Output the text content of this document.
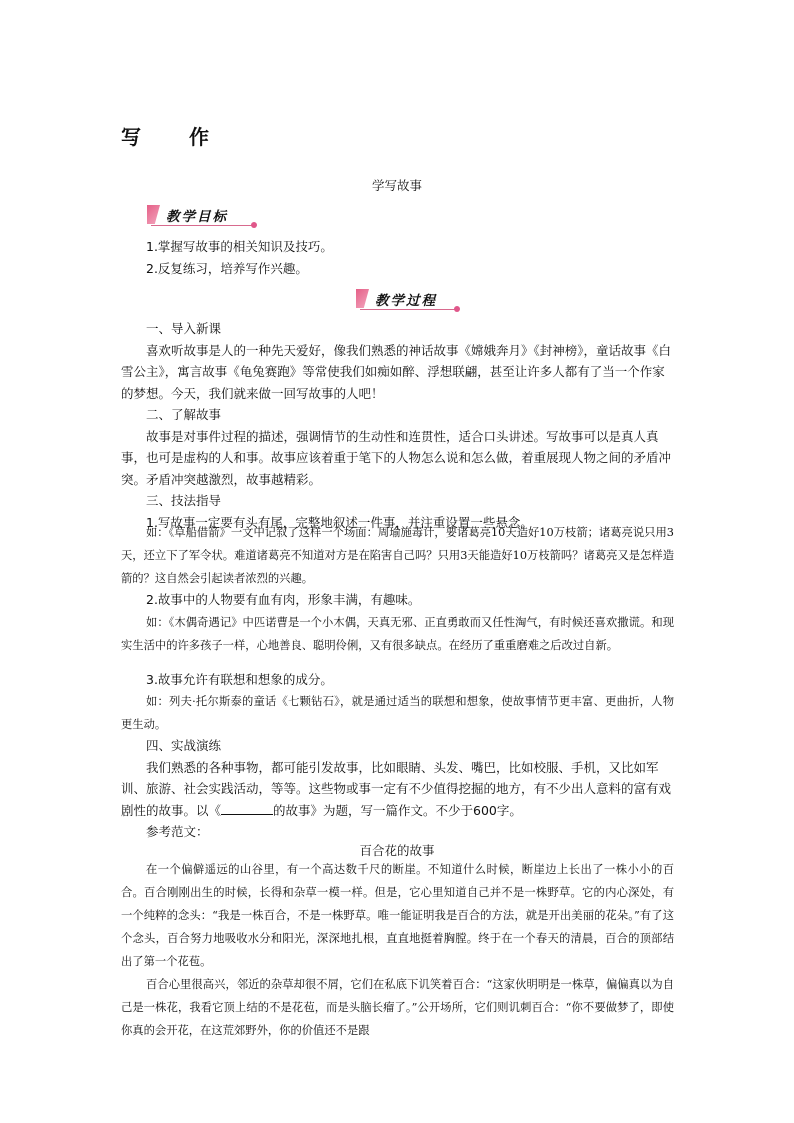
写　作
学写故事
教学目标
1.掌握写故事的相关知识及技巧。
2.反复练习，培养写作兴趣。
教学过程
一、导入新课
喜欢听故事是人的一种先天爱好，像我们熟悉的神话故事《嫦娥奔月》《封神榜》，童话故事《白雪公主》，寓言故事《龟兔赛跑》等常使我们如痴如醉、浮想联翩，甚至让许多人都有了当一个作家的梦想。今天，我们就来做一回写故事的人吧！
二、了解故事
故事是对事件过程的描述，强调情节的生动性和连贯性，适合口头讲述。写故事可以是真人真事，也可是虚构的人和事。故事应该着重于笔下的人物怎么说和怎么做，着重展现人物之间的矛盾冲突。矛盾冲突越激烈，故事越精彩。
三、技法指导
1.写故事一定要有头有尾，完整地叙述一件事，并注重设置一些悬念。
如：《草船借箭》一文中记叙了这样一个场面：周瑜施毒计，要诸葛亮10天造好10万枝箭；诸葛亮说只用3天，还立下了军令状。难道诸葛亮不知道对方是在陷害自己吗？只用3天能造好10万枝箭吗？诸葛亮又是怎样造箭的？这自然会引起读者浓烈的兴趣。
2.故事中的人物要有血有肉，形象丰满，有趣味。
如：《木偶奇遇记》中匹诺曹是一个小木偶，天真无邪、正直勇敢而又任性淘气，有时候还喜欢撒谎。和现实生活中的许多孩子一样，心地善良、聪明伶俐，又有很多缺点。在经历了重重磨难之后改过自新。
3.故事允许有联想和想象的成分。
如：列夫·托尔斯泰的童话《七颗钻石》，就是通过适当的联想和想象，使故事情节更丰富、更曲折，人物更生动。
四、实战演练
我们熟悉的各种事物，都可能引发故事，比如眼睛、头发、嘴巴，比如校服、手机，又比如军训、旅游、社会实践活动，等等。这些物或事一定有不少值得挖掘的地方，有不少出人意料的富有戏剧性的故事。以《	的故事》为题，写一篇作文。不少于600字。
参考范文：
百合花的故事
在一个偏僻遥远的山谷里，有一个高达数千尺的断崖。不知道什么时候，断崖边上长出了一株小小的百合。百合刚刚出生的时候，长得和杂草一模一样。但是，它心里知道自己并不是一株野草。它的内心深处，有一个纯粹的念头：“我是一株百合，不是一株野草。唯一能证明我是百合的方法，就是开出美丽的花朵。”有了这个念头，百合努力地吸收水分和阳光，深深地扎根，直直地挺着胸膛。终于在一个春天的清晨，百合的顶部结出了第一个花苞。
百合心里很高兴，邻近的杂草却很不屑，它们在私底下讥笑着百合：“这家伙明明是一株草，偏偏真以为自己是一株花，我看它顶上结的不是花苞，而是头脑长瘤了。”公开场所，它们则讥刺百合：“你不要做梦了，即使你真的会开花，在这荒郊野外，你的价值还不是跟
